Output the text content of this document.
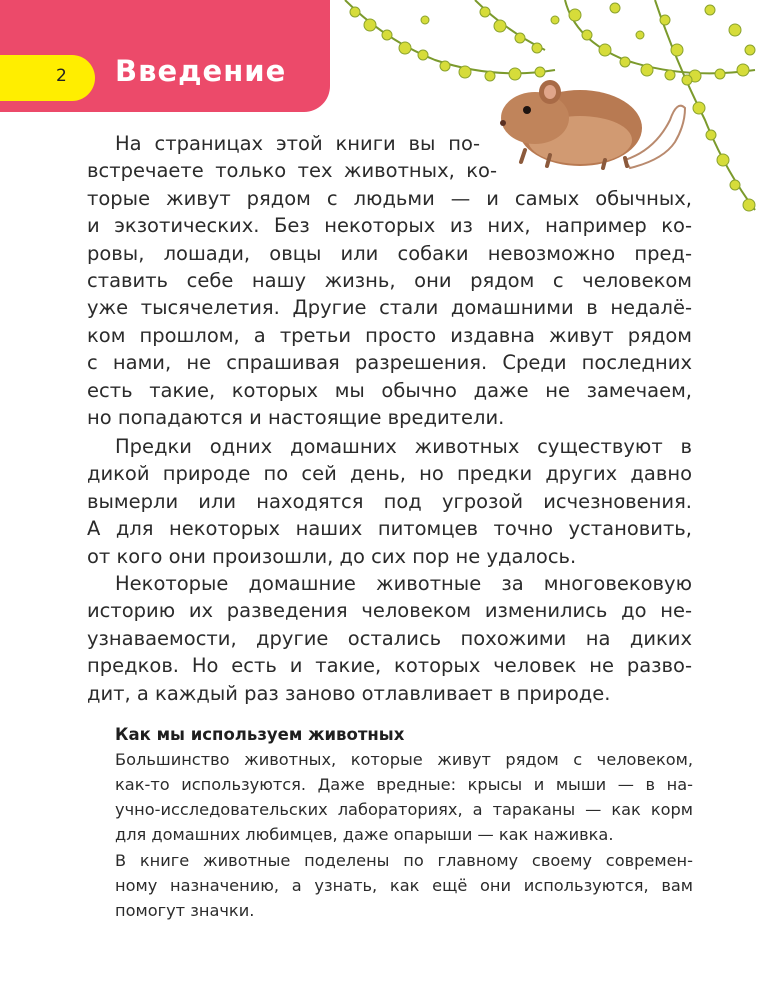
2 Введение
На страницах этой книги вы по-
встречаете только тех животных, ко-
торые живут рядом с людьми — и самых обычных,
и экзотических. Без некоторых из них, например ко-
ровы, лошади, овцы или собаки невозможно пред-
ставить себе нашу жизнь, они рядом с человеком
уже тысячелетия. Другие стали домашними в недалё-
ком прошлом, а третьи просто издавна живут рядом
с нами, не спрашивая разрешения. Среди последних
есть такие, которых мы обычно даже не замечаем,
но попадаются и настоящие вредители.
Предки одних домашних животных существуют в
дикой природе по сей день, но предки других давно
вымерли или находятся под угрозой исчезновения.
А для некоторых наших питомцев точно установить,
от кого они произошли, до сих пор не удалось.
Некоторые домашние животные за многовековую
историю их разведения человеком изменились до не-
узнаваемости, другие остались похожими на диких
предков. Но есть и такие, которых человек не разво-
дит, а каждый раз заново отлавливает в природе.
Как мы используем животных
Большинство животных, которые живут рядом с человеком,
как-то используются. Даже вредные: крысы и мыши — в на-
учно-исследовательских лабораториях, а тараканы — как корм
для домашних любимцев, даже опарыши — как наживка.
В книге животные поделены по главному своему современ-
ному назначению, а узнать, как ещё они используются, вам
помогут значки.
